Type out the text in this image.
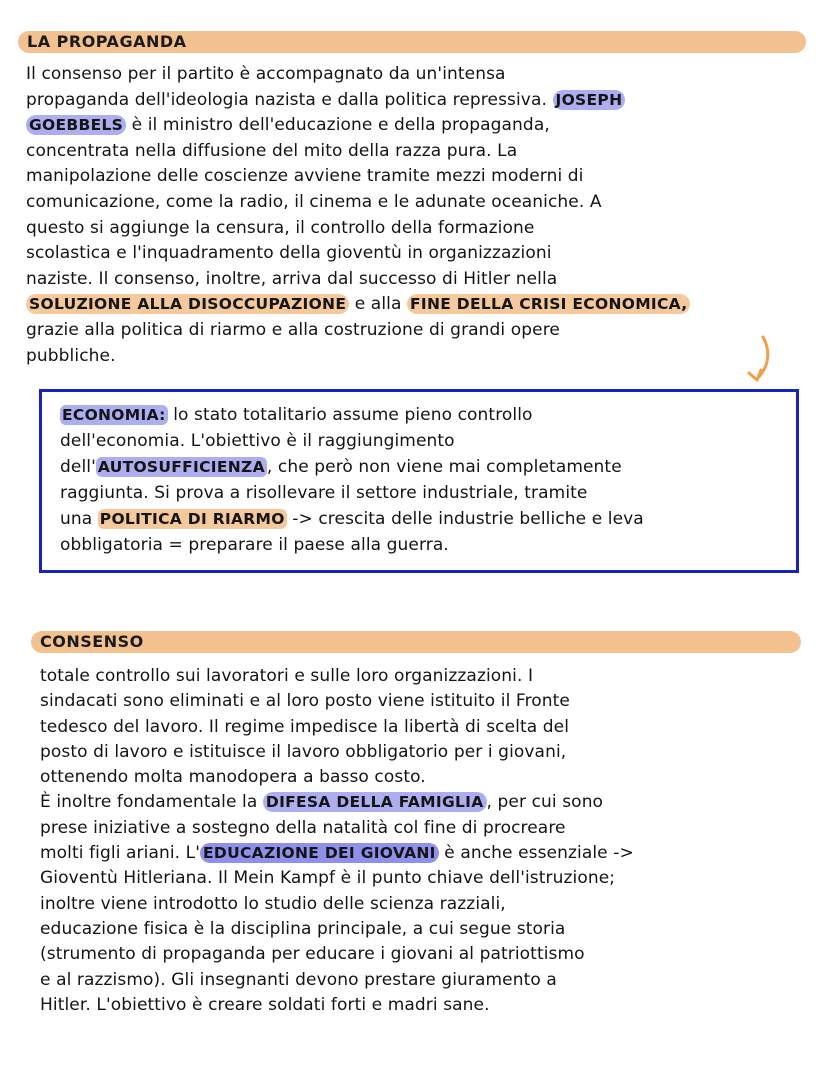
LA PROPAGANDA
Il consenso per il partito è accompagnato da un'intensa
propaganda dell'ideologia nazista e dalla politica repressiva. JOSEPH
GOEBBELS è il ministro dell'educazione e della propaganda,
concentrata nella diffusione del mito della razza pura. La
manipolazione delle coscienze avviene tramite mezzi moderni di
comunicazione, come la radio, il cinema e le adunate oceaniche. A
questo si aggiunge la censura, il controllo della formazione
scolastica e l'inquadramento della gioventù in organizzazioni
naziste. Il consenso, inoltre, arriva dal successo di Hitler nella
SOLUZIONE ALLA DISOCCUPAZIONE e alla FINE DELLA CRISI ECONOMICA,
grazie alla politica di riarmo e alla costruzione di grandi opere
pubbliche.
ECONOMIA: lo stato totalitario assume pieno controllo
dell'economia. L'obiettivo è il raggiungimento
dell' AUTOSUFFICIENZA , che però non viene mai completamente
raggiunta. Si prova a risollevare il settore industriale, tramite
una POLITICA DI RIARMO -> crescita delle industrie belliche e leva
obbligatoria = preparare il paese alla guerra.
CONSENSO
totale controllo sui lavoratori e sulle loro organizzazioni. I
sindacati sono eliminati e al loro posto viene istituito il Fronte
tedesco del lavoro. Il regime impedisce la libertà di scelta del
posto di lavoro e istituisce il lavoro obbligatorio per i giovani,
ottenendo molta manodopera a basso costo.
È inoltre fondamentale la DIFESA DELLA FAMIGLIA , per cui sono
prese iniziative a sostegno della natalità col fine di procreare
molti figli ariani. L' EDUCAZIONE DEI GIOVANI è anche essenziale ->
Gioventù Hitleriana. Il Mein Kampf è il punto chiave dell'istruzione;
inoltre viene introdotto lo studio delle scienza razziali,
educazione fisica è la disciplina principale, a cui segue storia
(strumento di propaganda per educare i giovani al patriottismo
e al razzismo). Gli insegnanti devono prestare giuramento a
Hitler. L'obiettivo è creare soldati forti e madri sane.
